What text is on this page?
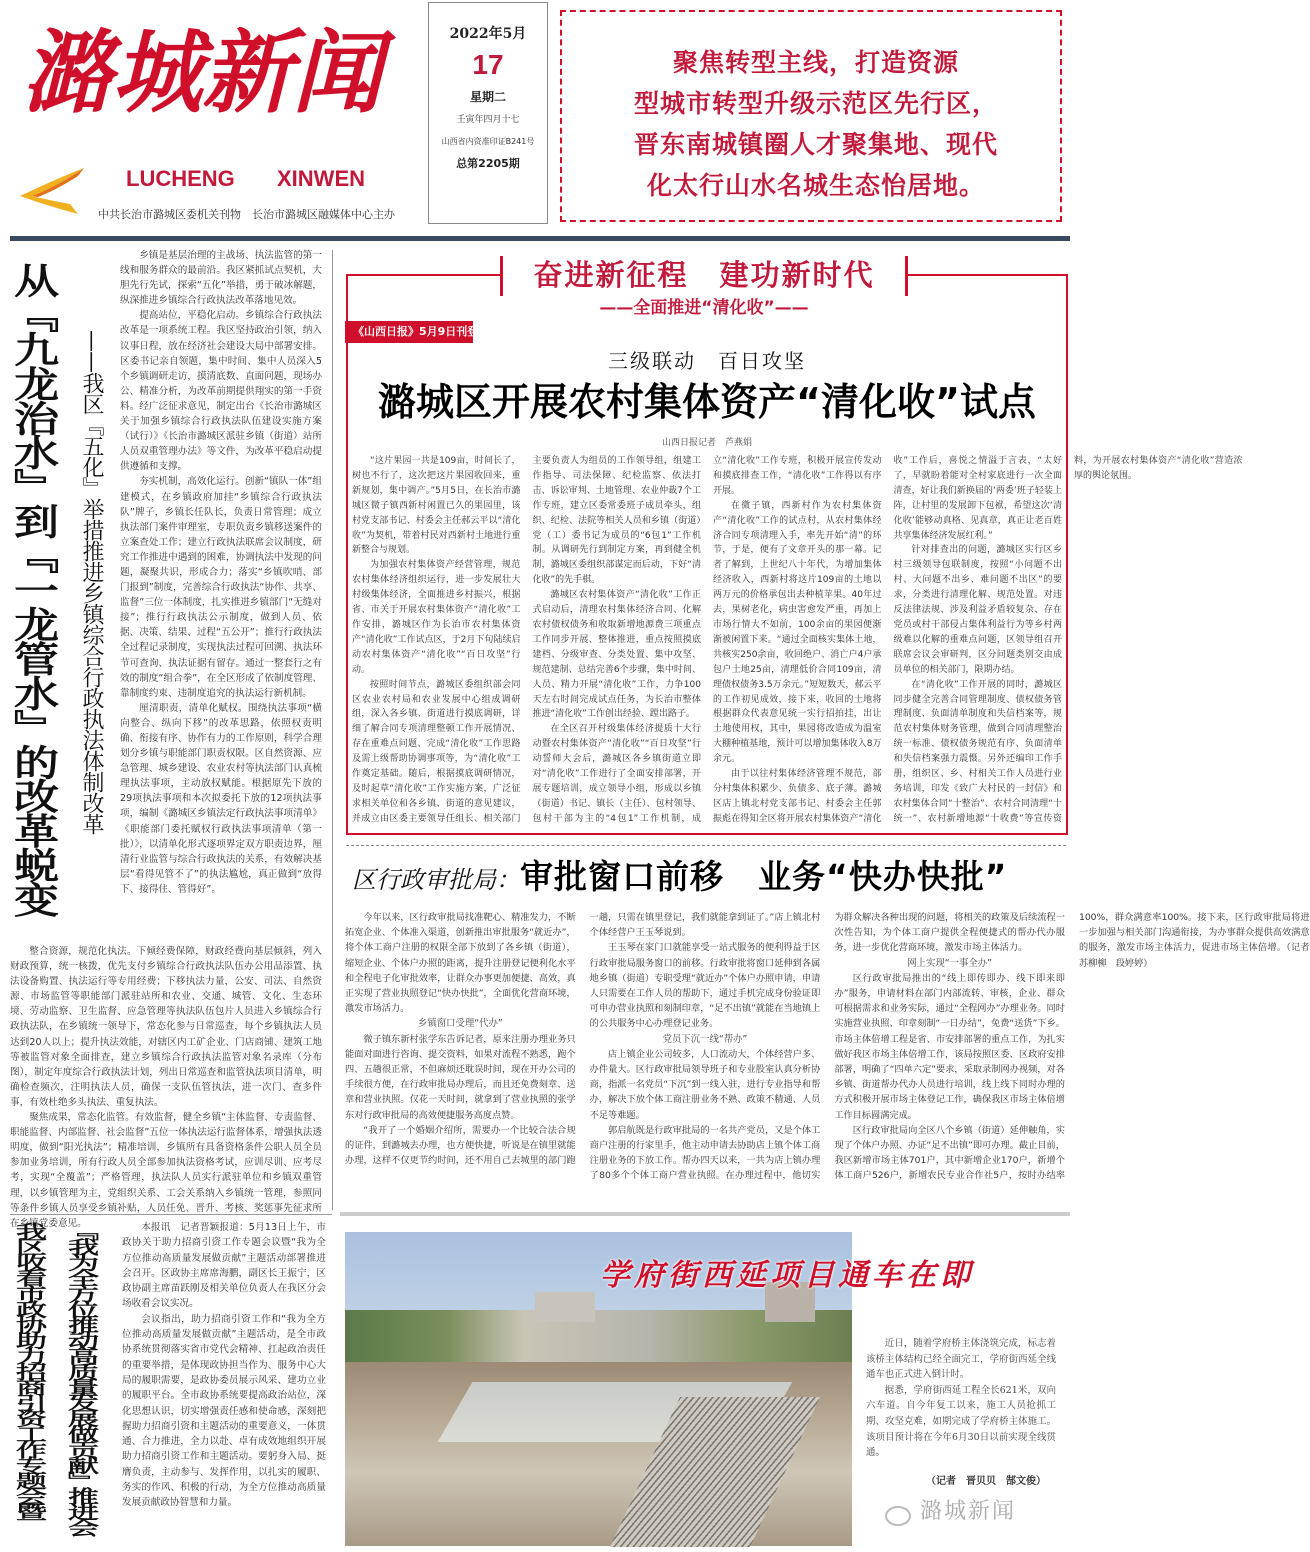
潞城新闻
LUCHENG XINWEN
中共长治市潞城区委机关刊物　长治市潞城区融媒体中心主办
2022年5月
17
星期二
壬寅年四月十七
山西省内资准印证B241号
总第2205期
聚焦转型主线，打造资源
型城市转型升级示范区先行区，
晋东南城镇圈人才聚集地、现代
化太行山水名城生态怡居地。
从『九龙治水』到『一龙管水』的改革蜕变 ——我区『五化』举措推进乡镇综合行政执法体制改革

乡镇是基层治理的主战场、执法监管的第一线和服务群众的最前沿。我区紧抓试点契机，大胆先行先试，探索“五化”举措，勇于破冰解题，纵深推进乡镇综合行政执法改革落地见效。

提高站位，平稳化启动。乡镇综合行政执法改革是一项系统工程。我区坚持政治引领，纳入议事日程，放在经济社会建设大局中部署安排。区委书记亲自领题，集中时间、集中人员深入5个乡镇调研走访，摸清底数、直面问题，现场办公、精准分析，为改革前期提供翔实的第一手资料。经广泛征求意见，制定出台《长治市潞城区关于加强乡镇综合行政执法队伍建设实施方案（试行）》《长治市潞城区派驻乡镇（街道）站所人员双重管理办法》等文件，为改革平稳启动提供遵循和支撑。

夯实机制，高效化运行。创新“镇队一体”组建模式，在乡镇政府加挂“乡镇综合行政执法队”牌子，乡镇长任队长，负责日常管理；成立执法部门案件审理室，专职负责乡镇移送案件的立案查处工作；建立行政执法联席会议制度，研究工作推进中遇到的困难，协调执法中发现的问题，凝聚共识，形成合力；落实“乡镇吹哨、部门报到”制度，完善综合行政执法“协作、共享、监督”三位一体制度，扎实推进乡镇部门“无缝对接”；推行行政执法公示制度，做到人员、依据、决策、结果、过程“五公开”；推行行政执法全过程记录制度，实现执法过程可回溯、执法环节可查询、执法证据有留存。通过一整套行之有效的制度“组合拳”，在全区形成了依制度管理、靠制度约束、违制度追究的执法运行新机制。

厘清职责，清单化赋权。围绕执法事项“横向整合、纵向下移”的改革思路，依照权责明确、衔接有序、协作有力的工作原则，科学合理划分乡镇与职能部门职责权限。区自然资源、应急管理、城乡建设、农业农村等执法部门认真梳理执法事项，主动放权赋能。根据原先下放的29项执法事项和本次拟委托下放的12项执法事项，编制《潞城区乡镇法定行政执法事项清单》《职能部门委托赋权行政执法事项清单（第一批）》，以清单化形式逐项界定双方职责边界，厘清行业监管与综合行政执法的关系，有效解决基层“看得见管不了”的执法尴尬，真正做到“放得下、接得住、管得好”。

整合资源，规范化执法。下倾经费保障，财政经费向基层倾斜，列入财政预算，统一核拨，优先支付乡镇综合行政执法队伍办公用品添置、执法设备购置、执法运行等专用经费；下移执法力量，公安、司法、自然资源、市场监管等职能部门派驻站所和农业、交通、城管、文化、生态环境、劳动监察、卫生监督、应急管理等执法队伍包片人员进入乡镇综合行政执法队，在乡镇统一领导下，常态化参与日常巡查，每个乡镇执法人员达到20人以上；提升执法效能，对辖区内工矿企业、门店商铺、建筑工地等被监管对象全面排查，建立乡镇综合行政执法监管对象名录库（分布图），制定年度综合行政执法计划，列出日常巡查和监管执法项目清单，明确检查频次，注明执法人员，确保一支队伍管执法，进一次门、查多件事，有效杜绝多头执法、重复执法。

聚焦成果，常态化监管。有效监督，健全乡镇“主体监督、专责监督、职能监督、内部监督、社会监督”五位一体执法运行监督体系，增强执法透明度，做到“阳光执法”；精准培训，乡镇所有具备资格条件公职人员全员参加业务培训，所有行政人员全部参加执法资格考试，应训尽训、应考尽考，实现“全覆盖”；严格管理，执法队人员实行派驻单位和乡镇双重管理，以乡镇管理为主，党组织关系、工会关系纳入乡镇统一管理，参照同等条件乡镇人员享受乡镇补贴，人员任免、晋升、考核、奖惩事先征求所在乡镇党委意见。

奋进新征程　建功新时代
——全面推进“清化收”——
《山西日报》5月9日刊登
三级联动　百日攻坚
潞城区开展农村集体资产“清化收”试点
山西日报记者　芦燕娟

“这片果园一共是109亩，时间长了，树也不行了，这次把这片果园收回来，重新规划，集中调产。”5月5日，在长治市潞城区微子镇西新村闲置已久的果园里，该村党支部书记、村委会主任郝云平以“清化收”为契机，带着村民对西新村土地进行重新整合与规划。

为加强农村集体资产经营管理，规范农村集体经济组织运行，进一步发展壮大村级集体经济，全面推进乡村振兴，根据省、市关于开展农村集体资产“清化收”工作安排，潞城区作为长治市农村集体资产“清化收”工作试点区，于2月下旬陆续启动农村集体资产“清化收”“百日攻坚”行动。

按照时间节点，潞城区委组织部会同区农业农村局和农业发展中心组成调研组，深入各乡镇、街道进行摸底调研，详细了解合同专项清理整顿工作开展情况、存在重难点问题、完成“清化收”工作思路及需上级帮助协调事项等，为“清化收”工作奠定基础。随后，根据摸底调研情况，及时起草“清化收”工作实施方案，广泛征求相关单位和各乡镇、街道的意见建议，并成立由区委主要领导任组长、相关部门主要负责人为组员的工作领导组，组建工作指导、司法保障、纪检监察、依法打击、诉讼审判、土地管理、农业仲裁7个工作专班，建立区委常委班子成员牵头，组织、纪检、法院等相关人员和乡镇（街道）党（工）委书记为成员的“6包1”工作机制。从调研先行到制定方案，再到健全机制，潞城区委组织部谋定而后动，下好“清化收”的先手棋。

潞城区农村集体资产“清化收”工作正式启动后，清理农村集体经济合同、化解农村债权债务和收取新增地源费三项重点工作同步开展、整体推进，重点按照摸底建档、分级审查、分类处置、集中攻坚、规范建制、总结完善6个步骤，集中时间、人员、精力开展“清化收”工作，力争100天左右时间完成试点任务，为长治市整体推进“清化收”工作创出经验、蹚出路子。

在全区召开村级集体经济提质十大行动暨农村集体资产“清化收”“百日攻坚”行动誓师大会后，潞城区各乡镇街道立即对“清化收”工作进行了全面安排部署，开展专题培训，成立领导小组，形成以乡镇（街道）书记、镇长（主任）、包村领导、包村干部为主的“4包1”工作机制，成立“清化收”工作专班，积极开展宣传发动和摸底排查工作，“清化收”工作得以有序开展。

在微子镇，西新村作为农村集体资产“清化收”工作的试点村，从农村集体经济合同专项清理入手，率先开始“清”的环节，于是，便有了文章开头的那一幕。记者了解到，上世纪八十年代，为增加集体经济收入，西新村将这片109亩的土地以两万元的价格承包出去种植苹果。40年过去，果树老化，病虫害愈发严重，再加上市场行情大不如前，100余亩的果园便渐渐被闲置下来。“通过全面核实集体土地，共核实250余亩，收回绝户、消亡户4户承包户土地25亩，清理低价合同109亩，清理债权债务3.5万余元。”短短数天，郝云平的工作初见成效，接下来，收回的土地将根据群众代表意见统一实行招拍挂，出让土地使用权，其中，果园将改造成为温室大棚种植基地，预计可以增加集体收入8万余元。

由于以往村集体经济管理不规范，部分村集体积累少、负债多、底子薄。潞城区店上镇北村党支部书记、村委会主任郭振彪在得知全区将开展农村集体资产“清化收”工作后，喜悦之情溢于言表，“太好了，早就盼着能对全村家底进行一次全面清查，好让我们新换届的‘两委’班子轻装上阵，让村里的发展卸下包袱，希望这次‘清化收’能够动真格、见真章，真正让老百姓共享集体经济发展红利。”

针对排查出的问题，潞城区实行区乡村三级领导包联制度，按照“小问题不出村、大问题不出乡、难问题不出区”的要求，分类进行清理化解、规范处置。对违反法律法规、涉及利益矛盾较复杂、存在党员或村干部侵占集体利益行为等乡村两级难以化解的重难点问题，区领导组召开联席会议会审研判，区分问题类别交由成员单位的相关部门，限期办结。

在“清化收”工作开展的同时，潞城区同步健全完善合同管理制度、债权债务管理制度、负面清单制度和失信档案等，规范农村集体财务管理，做到合同清理整治统一标准、债权债务规范有序、负面清单和失信档案强力震慑。另外还编印工作手册，组织区、乡、村相关工作人员进行业务培训，印发《致广大村民的一封信》和农村集体合同“十整治”、农村合同清理“十统一”、农村新增地源“十收费”等宣传资料，为开展农村集体资产“清化收”营造浓厚的舆论氛围。

区行政审批局：审批窗口前移　业务“快办快批”

今年以来，区行政审批局找准靶心、精准发力，不断拓宽企业、个体准入渠道，创新推出审批服务“就近办”，将个体工商户注册的权限全部下放到了各乡镇（街道），缩短企业、个体户办照的距离，提升注册登记便利化水平和全程电子化审批效率，让群众办事更加便捷、高效，真正实现了营业执照登记“快办快批”，全面优化营商环境，激发市场活力。

乡镇窗口受理“代办”

微子镇东新村张学东告诉记者，原来注册办理业务只能面对面进行咨询、提交资料，如果对流程不熟悉，跑个四、五趟很正常，不但麻烦还耽误时间，现在开办公司的手续很方便，在行政审批局办理后，而且还免费刻章、送章和营业执照。仅花一天时间，就拿到了营业执照的张学东对行政审批局的高效便捷服务高度点赞。

“我开了一个婚姻介绍所，需要办一个比较合法合规的证件，到潞城去办理，也方便快捷，听说是在镇里就能办理，这样不仅更节约时间，还不用自己去城里的部门跑一趟，只需在镇里登记，我们就能拿到证了。”店上镇北村个体经营户王玉琴说到。

王玉琴在家门口就能享受一站式服务的便利得益于区行政审批局服务窗口的前移。行政审批将窗口延伸到各属地乡镇（街道）专职受理“就近办”个体户办照申请，申请人只需要在工作人员的帮助下，通过手机完成身份验证即可申办营业执照和刻制印章，“足不出镇”就能在当地镇上的公共服务中心办理登记业务。

党员下沉一线“帮办”

店上镇企业公司较多，人口流动大，个体经营户多、办件量大。区行政审批局领导班子和专业股室认真分析协商，指派一名党员“下沉”到一线入驻，进行专业指导和帮办，解决下放个体工商注册业务不熟、政策不精通、人员不足等难题。

郭启航既是行政审批局的一名共产党员，又是个体工商户注册的行家里手，他主动申请去协助店上镇个体工商注册业务的下放工作。帮办四天以来，一共为店上镇办理了80多个个体工商户营业执照。在办理过程中，他切实为群众解决各种出现的问题，将相关的政策及后续流程一次性告知，为个体工商户提供全程便捷式的帮办代办服务，进一步优化营商环境，激发市场主体活力。

网上实现“一事全办”

区行政审批局推出的“线上即传即办、线下即来即办”服务，申请材料在部门内部流转、审核，企业、群众可根据需求和业务实际，通过“全程网办”办理业务。同时实施营业执照、印章刻制“一日办结”，免费“送货”下乡。市场主体倍增工程是省、市安排部署的重点工作，为扎实做好我区市场主体倍增工作，该局按照区委、区政府安排部署，明确了“四单六定”要求，采取录制网办视频，对各乡镇、街道帮办代办人员进行培训，线上线下同时办理的方式积极开展市场主体登记工作，确保我区市场主体倍增工作目标圆满完成。

区行政审批局向全区八个乡镇（街道）延伸触角，实现了个体户办照、办证“足不出镇”即可办理。截止目前，我区新增市场主体701户，其中新增企业170户，新增个体工商户526户，新增农民专业合作社5户，按时办结率100%，群众满意率100%。接下来，区行政审批局将进一步加强与相关部门沟通衔接，为办事群众提供高效满意的服务，激发市场主体活力，促进市场主体倍增。（记者　苏柳柳　段婷婷）

我区收看市政协助力招商引资工作专题会暨 『我为全方位推动高质量发展做贡献』推进会	本报讯　记者晋颖报道：5月13日上午，市政协关于助力招商引资工作专题会议暨“我为全方位推动高质量发展做贡献”主题活动部署推进会召开。区政协主席席海鹏，副区长王振宁，区政协副主席苗跃刚及相关单位负责人在我区分会场收看会议实况。

会议指出，助力招商引资工作和“我为全方位推动高质量发展做贡献”主题活动，是全市政协系统贯彻落实省市党代会精神、扛起政治责任的重要举措，是体现政协担当作为、服务中心大局的履职需要，是政协委员展示风采、建功立业的履职平台。全市政协系统要提高政治站位，深化思想认识，切实增强责任感和使命感，深刻把握助力招商引资和主题活动的重要意义，一体贯通、合力推进，全力以赴、卓有成效地组织开展助力招商引资工作和主题活动。要躬身入局、挺膺负责，主动参与、发挥作用，以扎实的履职、务实的作风、积极的行动，为全方位推动高质量发展贡献政协智慧和力量。

学府街西延项目通车在即

近日，随着学府桥主体浇筑完成，标志着该桥主体结构已经全面完工，学府街西延全线通车也正式进入倒计时。

据悉，学府街西延工程全长621米，双向六车道。自今年复工以来，施工人员抢抓工期、攻坚克难，如期完成了学府桥主体施工。该项目预计将在今年6月30日以前实现全线贯通。

（记者　晋贝贝　郜文俊）
潞城新闻
